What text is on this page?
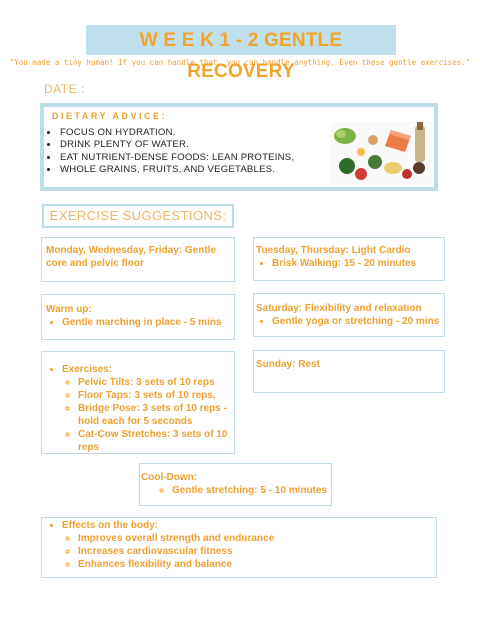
W E E K 1 - 2 GENTLE RECOVERY
"You made a tiny human! If you can handle that, you can handle anything. Even these gentle exercises."
DATE :
DIETARY ADVICE:
• FOCUS ON HYDRATION.
• DRINK PLENTY OF WATER.
• EAT NUTRIENT-DENSE FOODS: LEAN PROTEINS,
• WHOLE GRAINS, FRUITS, AND VEGETABLES.
EXERCISE SUGGESTIONS:
Monday, Wednesday, Friday: Gentle core and pelvic floor
Tuesday, Thursday: Light Cardio
• Brisk Walking: 15 - 20 minutes
Warm up:
• Gentle marching in place - 5 mins
Saturday: Flexibility and relaxation
• Gentle yoga or stretching - 20 mins
• Exercises:
◦ Pelvic Tilts: 3 sets of 10 reps
◦ Floor Taps: 3 sets of 10 reps,
◦ Bridge Pose: 3 sets of 10 reps - hold each for 5 seconds
◦ Cat-Cow Stretches: 3 sets of 10 reps
Sunday: Rest
Cool-Down:
◦ Gentle stretching: 5 - 10 minutes
• Effects on the body:
◦ Improves overall strength and endurance
◦ Increases cardiovascular fitness
◦ Enhances flexibility and balance
